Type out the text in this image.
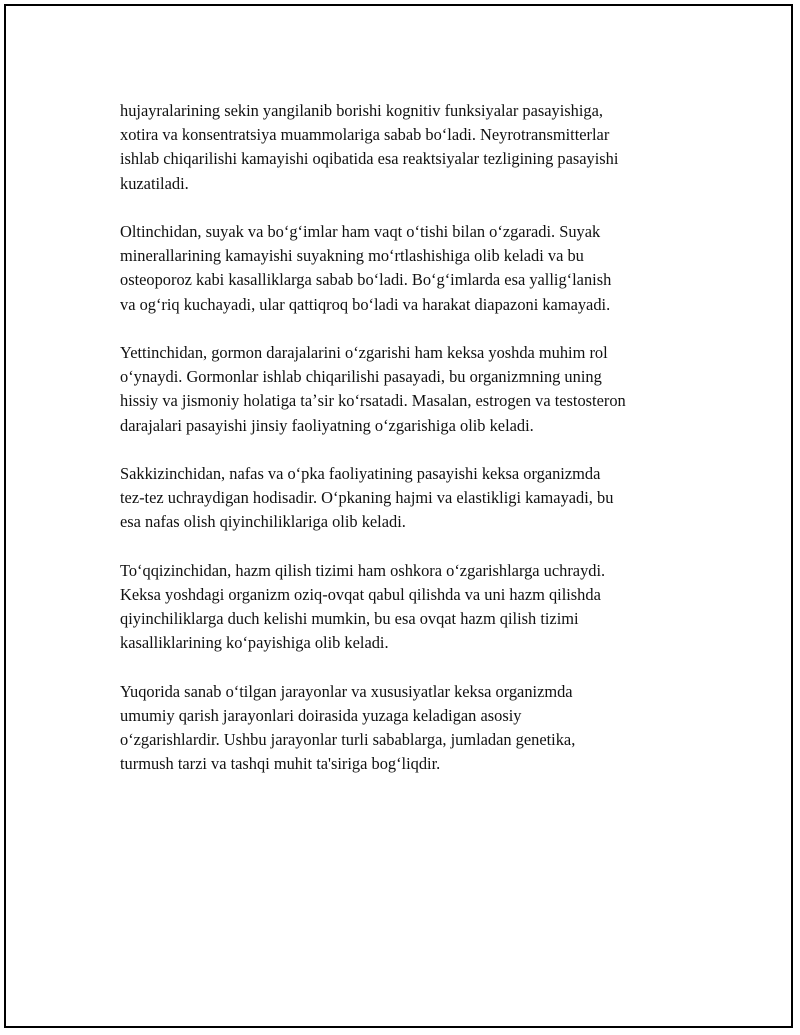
hujayralarining sekin yangilanib borishi kognitiv funksiyalar pasayishiga,
xotira va konsentratsiya muammolariga sabab boʻladi. Neyrotransmitterlar
ishlab chiqarilishi kamayishi oqibatida esa reaktsiyalar tezligining pasayishi
kuzatiladi.

Oltinchidan, suyak va boʻgʻimlar ham vaqt oʻtishi bilan oʻzgaradi. Suyak
minerallarining kamayishi suyakning moʻrtlashishiga olib keladi va bu
osteoporoz kabi kasalliklarga sabab boʻladi. Boʻgʻimlarda esa yalligʻlanish
va ogʻriq kuchayadi, ular qattiqroq boʻladi va harakat diapazoni kamayadi.

Yettinchidan, gormon darajalarini oʻzgarishi ham keksa yoshda muhim rol
oʻynaydi. Gormonlar ishlab chiqarilishi pasayadi, bu organizmning uning
hissiy va jismoniy holatiga taʼsir koʻrsatadi. Masalan, estrogen va testosteron
darajalari pasayishi jinsiy faoliyatning oʻzgarishiga olib keladi.

Sakkizinchidan, nafas va oʻpka faoliyatining pasayishi keksa organizmda
tez-tez uchraydigan hodisadir. Oʻpkaning hajmi va elastikligi kamayadi, bu
esa nafas olish qiyinchiliklariga olib keladi.

Toʻqqizinchidan, hazm qilish tizimi ham oshkora oʻzgarishlarga uchraydi.
Keksa yoshdagi organizm oziq-ovqat qabul qilishda va uni hazm qilishda
qiyinchiliklarga duch kelishi mumkin, bu esa ovqat hazm qilish tizimi
kasalliklarining koʻpayishiga olib keladi.

Yuqorida sanab oʻtilgan jarayonlar va xususiyatlar keksa organizmda
umumiy qarish jarayonlari doirasida yuzaga keladigan asosiy
oʻzgarishlardir. Ushbu jarayonlar turli sabablarga, jumladan genetika,
turmush tarzi va tashqi muhit ta'siriga bogʻliqdir.
